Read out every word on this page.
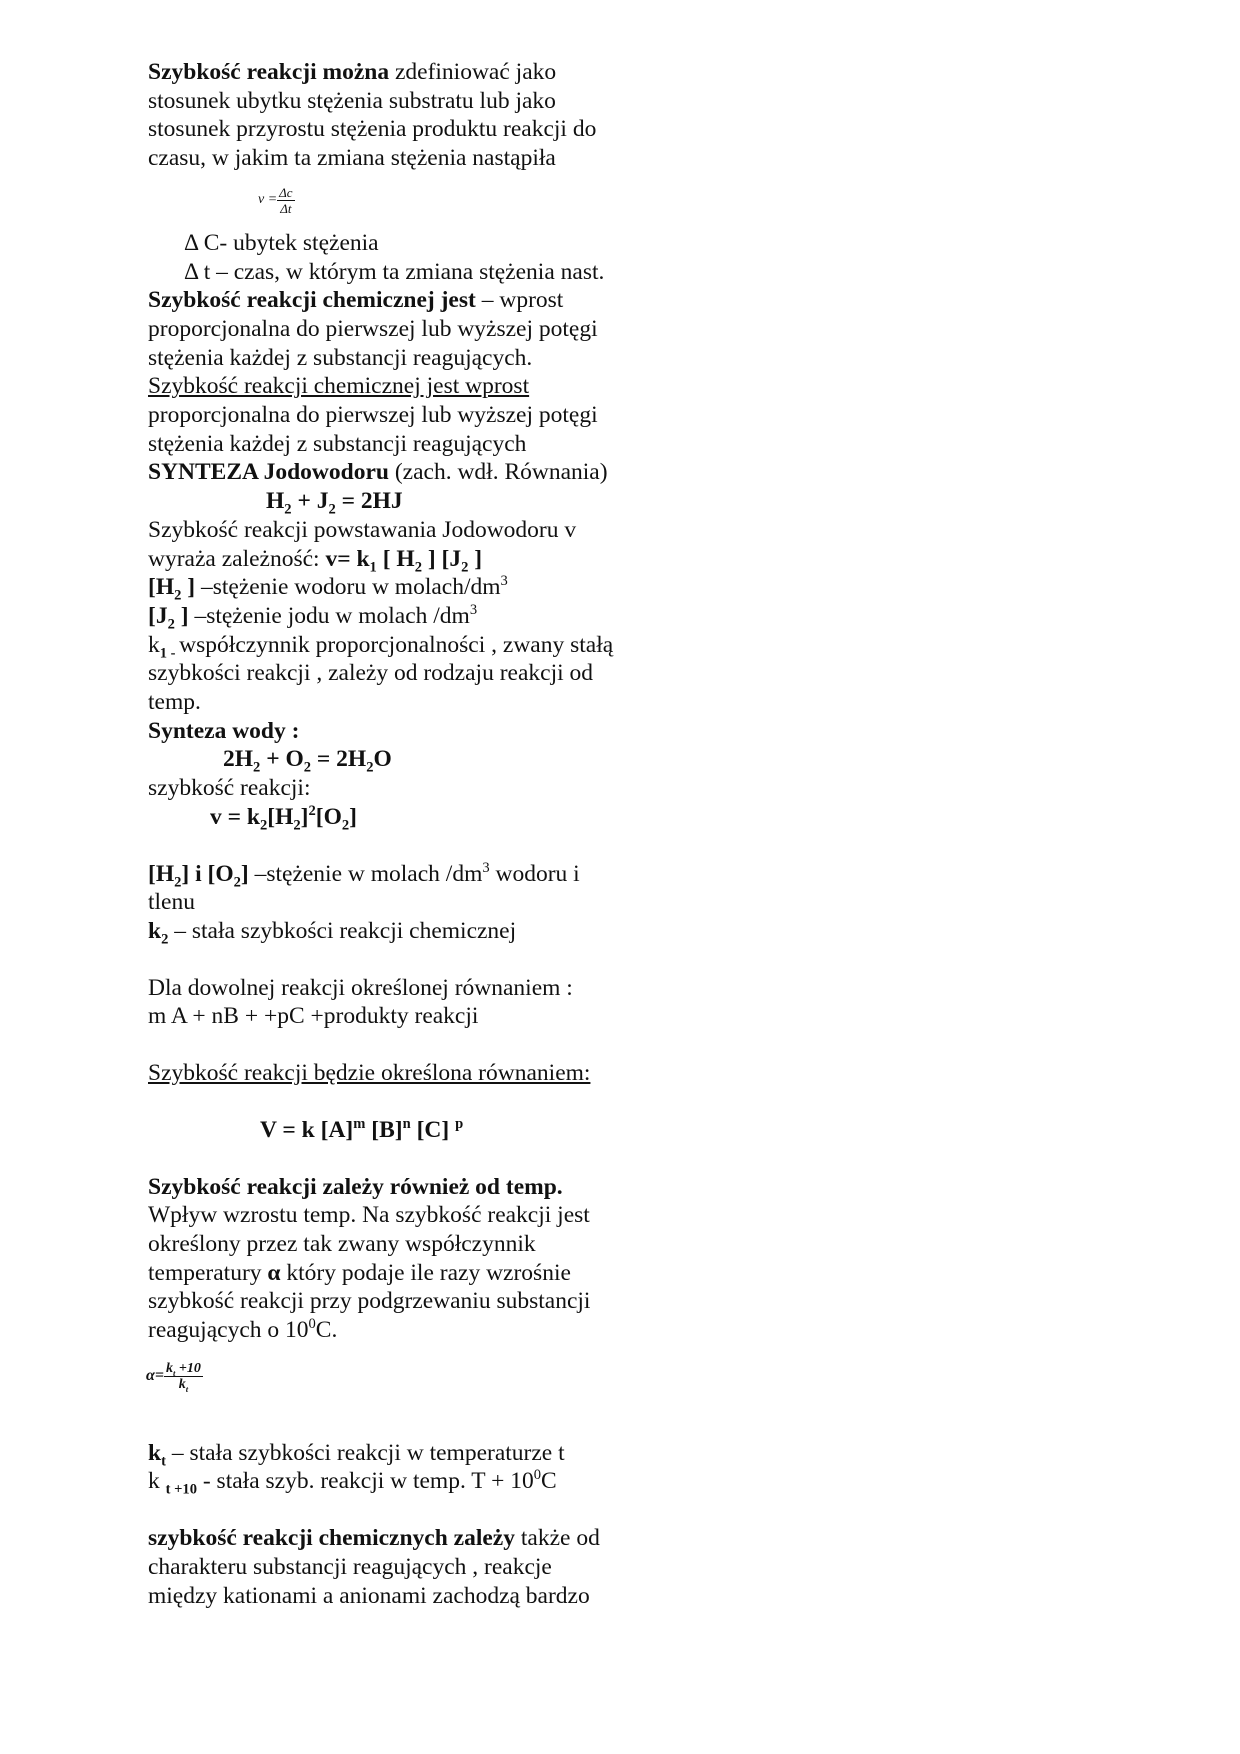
Szybkość reakcji można zdefiniować jako
stosunek ubytku stężenia substratu lub jako
stosunek przyrostu stężenia produktu reakcji do
czasu, w jakim ta zmiana stężenia nastąpiła
$v = \frac{\Delta c}{\Delta t}$
Δ C- ubytek stężenia
Δ t – czas, w którym ta zmiana stężenia nast.
Szybkość reakcji chemicznej jest – wprost
proporcjonalna do pierwszej lub wyższej potęgi
stężenia każdej z substancji reagujących.
Szybkość reakcji chemicznej jest wprost
proporcjonalna do pierwszej lub wyższej potęgi
stężenia każdej z substancji reagujących
SYNTEZA Jodowodoru (zach. wdł. Równania)
$H_2 + J_2 = 2HJ$
Szybkość reakcji powstawania Jodowodoru v
wyraża zależność: $v= k_1$ [ $H_2$ ] [$J_2$ ]
[$H_2$ ] –stężenie wodoru w molach/$dm^3$
[$J_2$ ] –stężenie jodu w molach $/dm^3$
$k_{1 -}$ współczynnik proporcjonalności , zwany stałą
szybkości reakcji , zależy od rodzaju reakcji od
temp.
Synteza wody :
$2H_2 + O_2 = 2H_2O$
szybkość reakcji:
$v = k_2[H_2]^2[O_2]$
$[H_2]$ i $[O_2]$ –stężenie w molach $/dm^3$ wodoru i
tlenu
$k_2$ – stała szybkości reakcji chemicznej
Dla dowolnej reakcji określonej równaniem :
m A + nB + +pC +produkty reakcji
Szybkość reakcji będzie określona równaniem:
V = k $[A]^m$ $[B]^n$ [C] $^p$
Szybkość reakcji zależy również od temp.
Wpływ wzrostu temp. Na szybkość reakcji jest
określony przez tak zwany współczynnik
temperatury α który podaje ile razy wzrośnie
szybkość reakcji przy podgrzewaniu substancji
reagujących o $10^0C$.
$\alpha= \frac{k_t +10}{k_t}$
$k_t$ – stała szybkości reakcji w temperaturze t
k $_{t +10}$ - stała szyb. reakcji w temp. $T + 10^0C$
szybkość reakcji chemicznych zależy także od
charakteru substancji reagujących , reakcje
między kationami a anionami zachodzą bardzo
